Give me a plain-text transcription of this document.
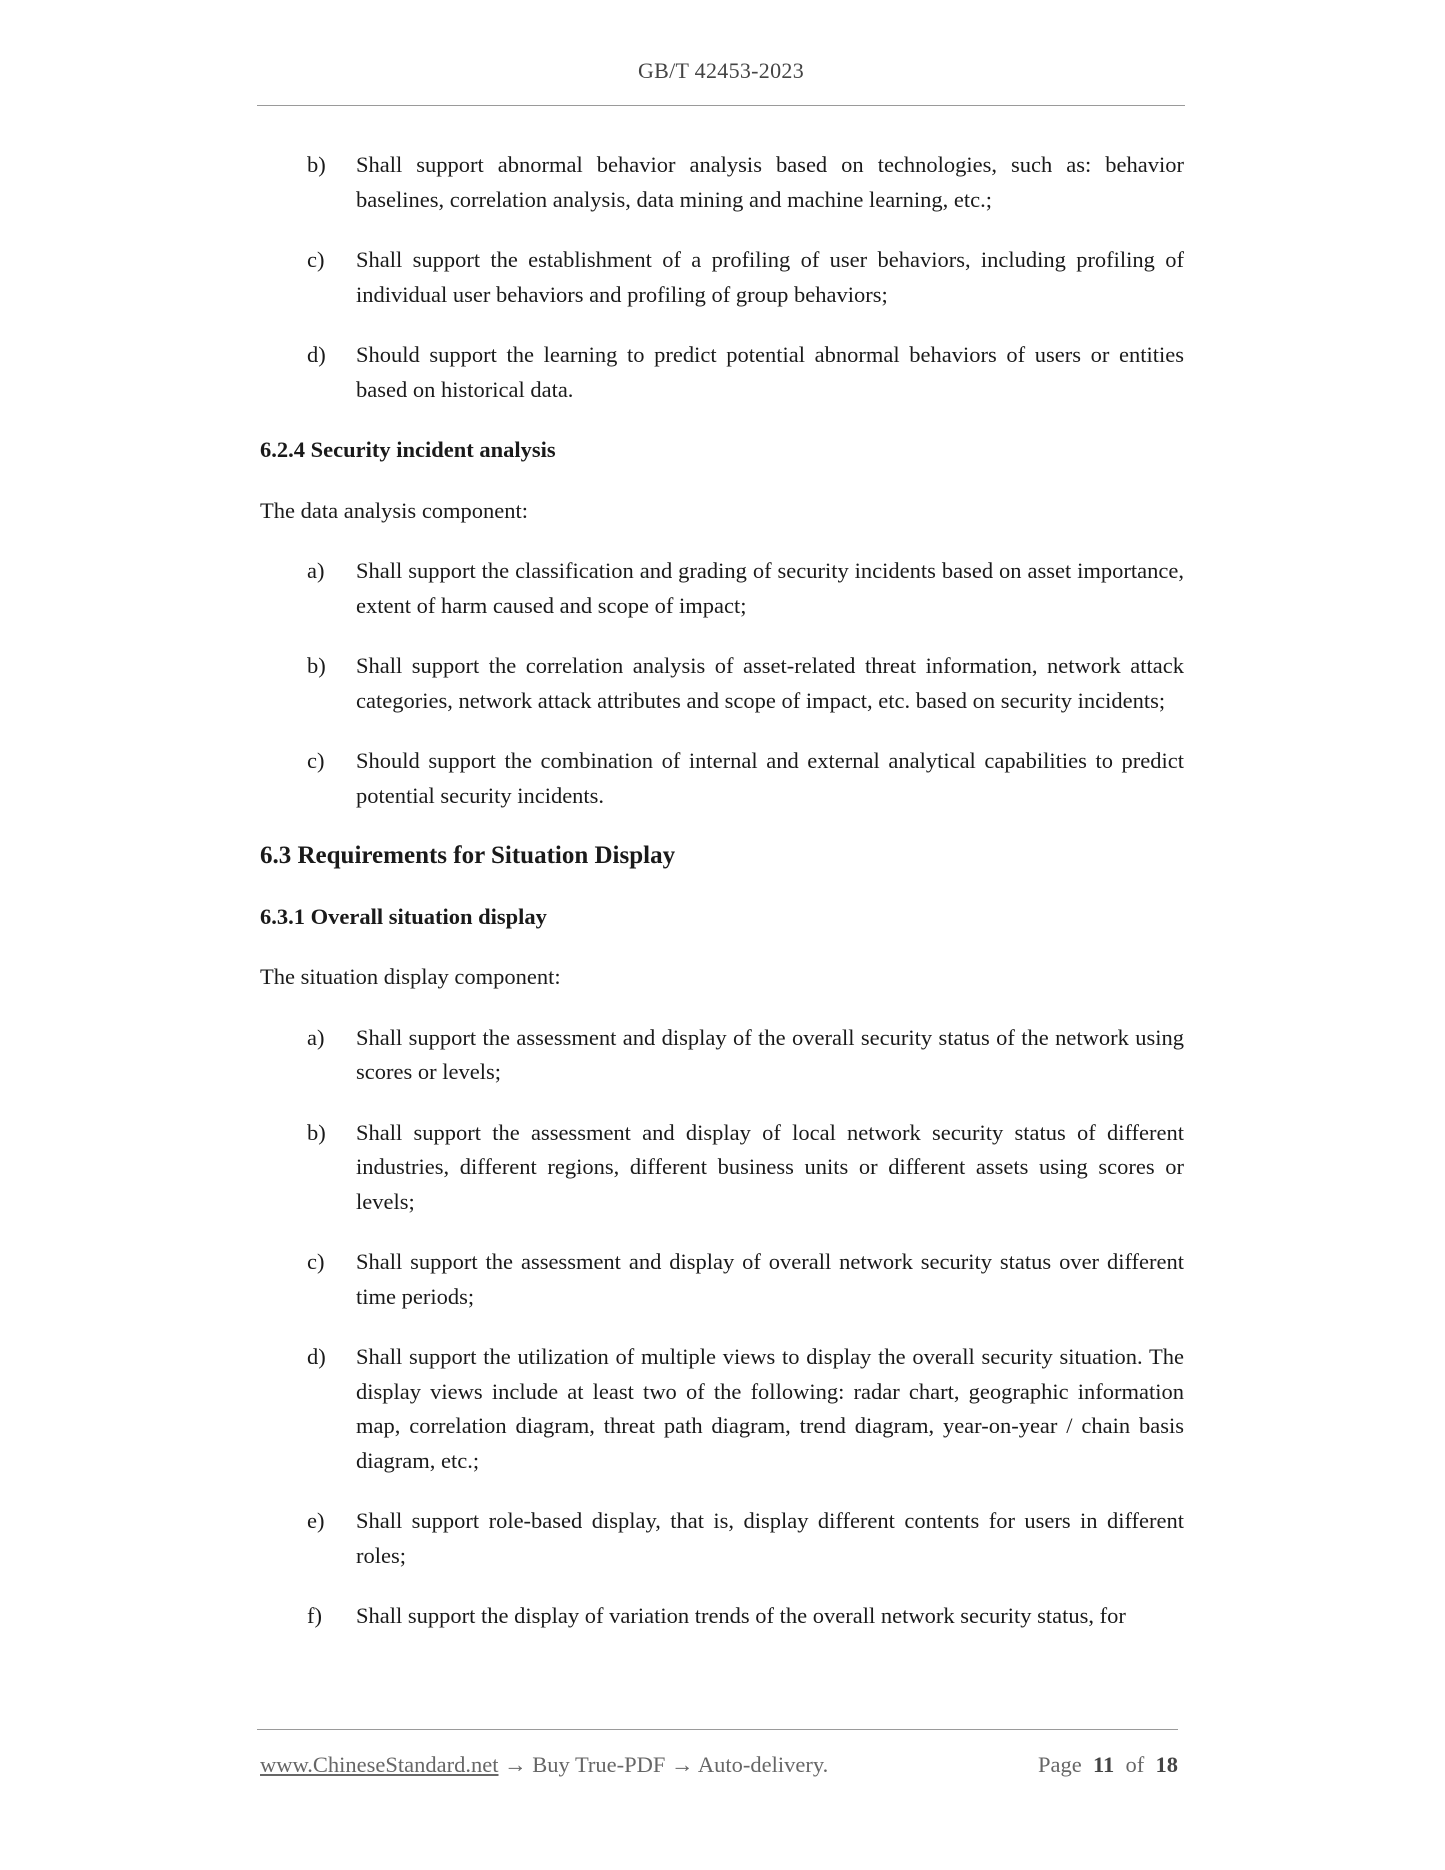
GB/T 42453-2023
b)	Shall support abnormal behavior analysis based on technologies, such as: behavior baselines, correlation analysis, data mining and machine learning, etc.;
c)	Shall support the establishment of a profiling of user behaviors, including profiling of individual user behaviors and profiling of group behaviors;
d)	Should support the learning to predict potential abnormal behaviors of users or entities based on historical data.
6.2.4 Security incident analysis
The data analysis component:
a)	Shall support the classification and grading of security incidents based on asset importance, extent of harm caused and scope of impact;
b)	Shall support the correlation analysis of asset-related threat information, network attack categories, network attack attributes and scope of impact, etc. based on security incidents;
c)	Should support the combination of internal and external analytical capabilities to predict potential security incidents.
6.3 Requirements for Situation Display
6.3.1 Overall situation display
The situation display component:
a)	Shall support the assessment and display of the overall security status of the network using scores or levels;
b)	Shall support the assessment and display of local network security status of different industries, different regions, different business units or different assets using scores or levels;
c)	Shall support the assessment and display of overall network security status over different time periods;
d)	Shall support the utilization of multiple views to display the overall security situation. The display views include at least two of the following: radar chart, geographic information map, correlation diagram, threat path diagram, trend diagram, year-on-year / chain basis diagram, etc.;
e)	Shall support role-based display, that is, display different contents for users in different roles;
f)	Shall support the display of variation trends of the overall network security status, for
www.ChineseStandard.net → Buy True-PDF → Auto-delivery.	Page 11 of 18
